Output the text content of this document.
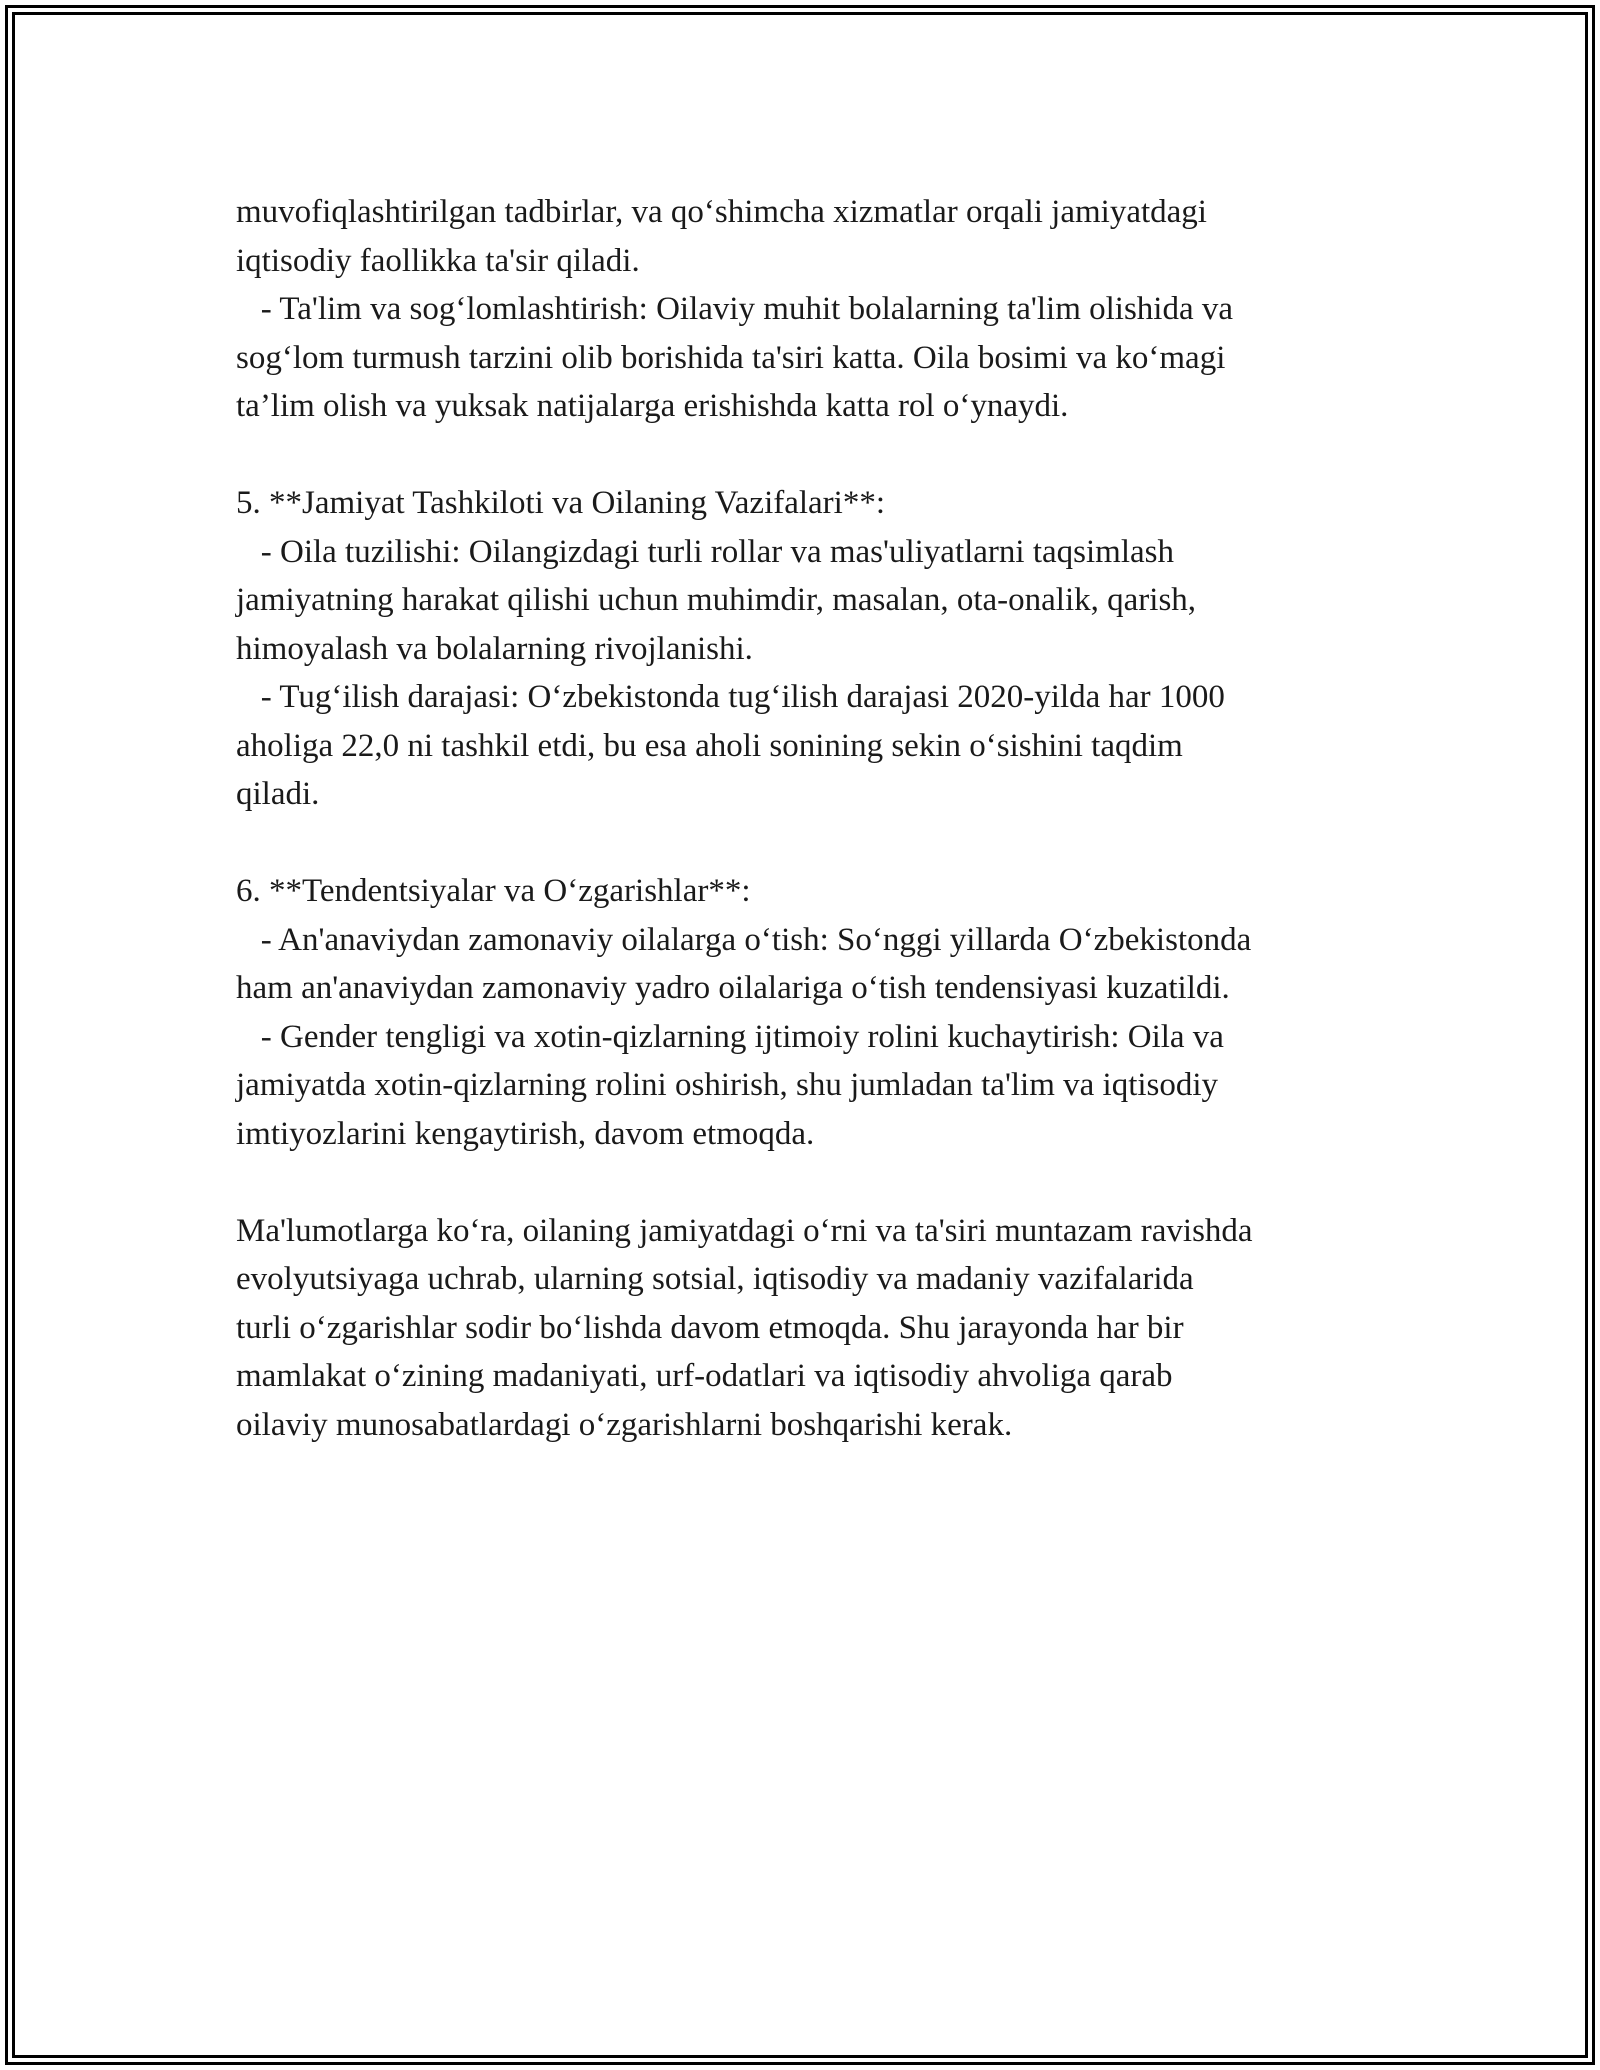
muvofiqlashtirilgan tadbirlar, va qo‘shimcha xizmatlar orqali jamiyatdagi
iqtisodiy faollikka ta'sir qiladi.
- Ta'lim va sog‘lomlashtirish: Oilaviy muhit bolalarning ta'lim olishida va
sog‘lom turmush tarzini olib borishida ta'siri katta. Oila bosimi va ko‘magi
ta’lim olish va yuksak natijalarga erishishda katta rol o‘ynaydi.
5. **Jamiyat Tashkiloti va Oilaning Vazifalari**:
- Oila tuzilishi: Oilangizdagi turli rollar va mas'uliyatlarni taqsimlash
jamiyatning harakat qilishi uchun muhimdir, masalan, ota-onalik, qarish,
himoyalash va bolalarning rivojlanishi.
- Tug‘ilish darajasi: O‘zbekistonda tug‘ilish darajasi 2020-yilda har 1000
aholiga 22,0 ni tashkil etdi, bu esa aholi sonining sekin o‘sishini taqdim
qiladi.
6. **Tendentsiyalar va O‘zgarishlar**:
- An'anaviydan zamonaviy oilalarga o‘tish: So‘nggi yillarda O‘zbekistonda
ham an'anaviydan zamonaviy yadro oilalariga o‘tish tendensiyasi kuzatildi.
- Gender tengligi va xotin-qizlarning ijtimoiy rolini kuchaytirish: Oila va
jamiyatda xotin-qizlarning rolini oshirish, shu jumladan ta'lim va iqtisodiy
imtiyozlarini kengaytirish, davom etmoqda.
Ma'lumotlarga ko‘ra, oilaning jamiyatdagi o‘rni va ta'siri muntazam ravishda
evolyutsiyaga uchrab, ularning sotsial, iqtisodiy va madaniy vazifalarida
turli o‘zgarishlar sodir bo‘lishda davom etmoqda. Shu jarayonda har bir
mamlakat o‘zining madaniyati, urf-odatlari va iqtisodiy ahvoliga qarab
oilaviy munosabatlardagi o‘zgarishlarni boshqarishi kerak.
